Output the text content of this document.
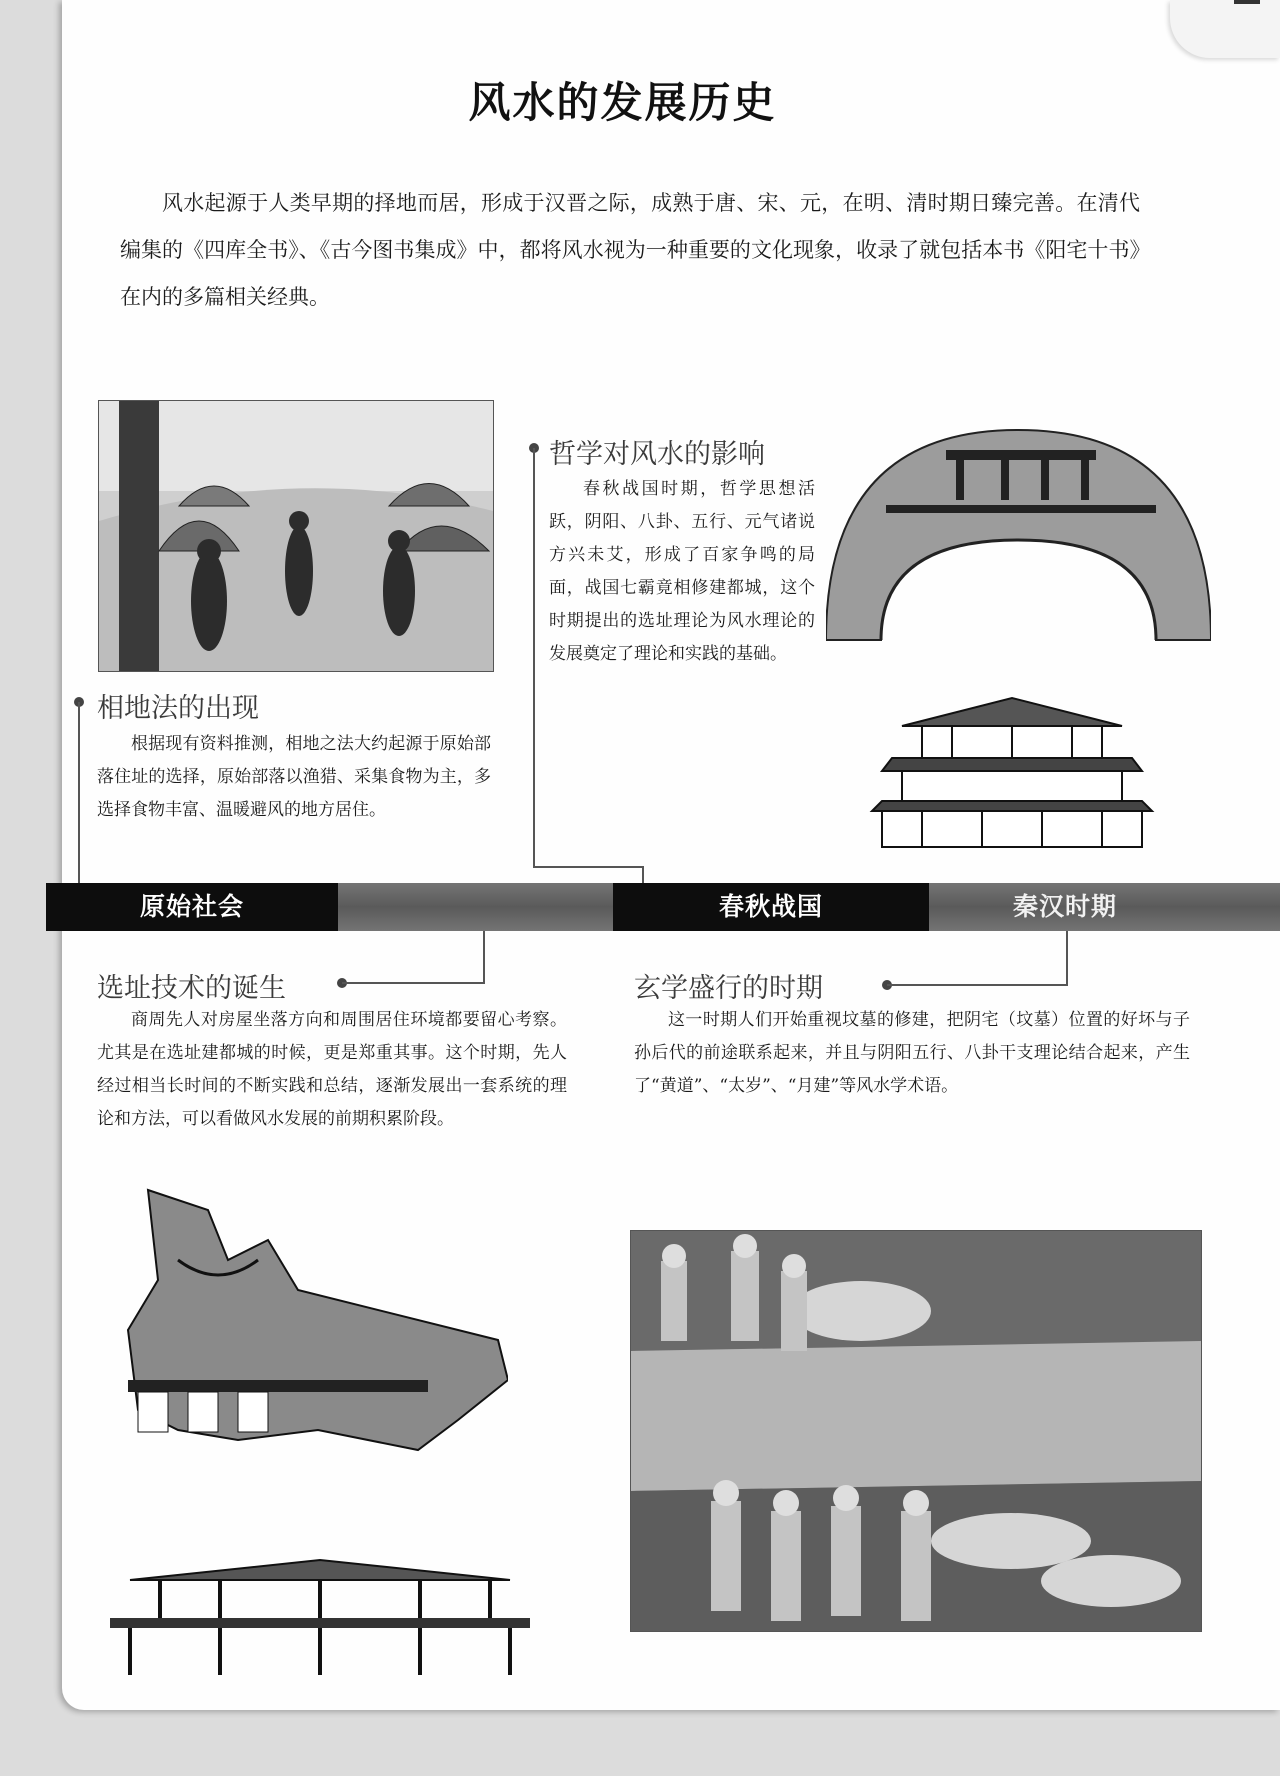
风水的发展历史
风水起源于人类早期的择地而居，形成于汉晋之际，成熟于唐、宋、元，在明、清时期日臻完善。在清代编集的《四库全书》、《古今图书集成》中，都将风水视为一种重要的文化现象，收录了就包括本书《阳宅十书》在内的多篇相关经典。
相地法的出现
根据现有资料推测，相地之法大约起源于原始部落住址的选择，原始部落以渔猎、采集食物为主，多选择食物丰富、温暖避风的地方居住。
哲学对风水的影响
春秋战国时期，哲学思想活跃，阴阳、八卦、五行、元气诸说方兴未艾，形成了百家争鸣的局面，战国七霸竟相修建都城，这个时期提出的选址理论为风水理论的发展奠定了理论和实践的基础。
原始社会	春秋战国	秦汉时期
选址技术的诞生
商周先人对房屋坐落方向和周围居住环境都要留心考察。尤其是在选址建都城的时候，更是郑重其事。这个时期，先人经过相当长时间的不断实践和总结，逐渐发展出一套系统的理论和方法，可以看做风水发展的前期积累阶段。
玄学盛行的时期
这一时期人们开始重视坟墓的修建，把阴宅（坟墓）位置的好坏与子孙后代的前途联系起来，并且与阴阳五行、八卦干支理论结合起来，产生了“黄道”、“太岁”、“月建”等风水学术语。
